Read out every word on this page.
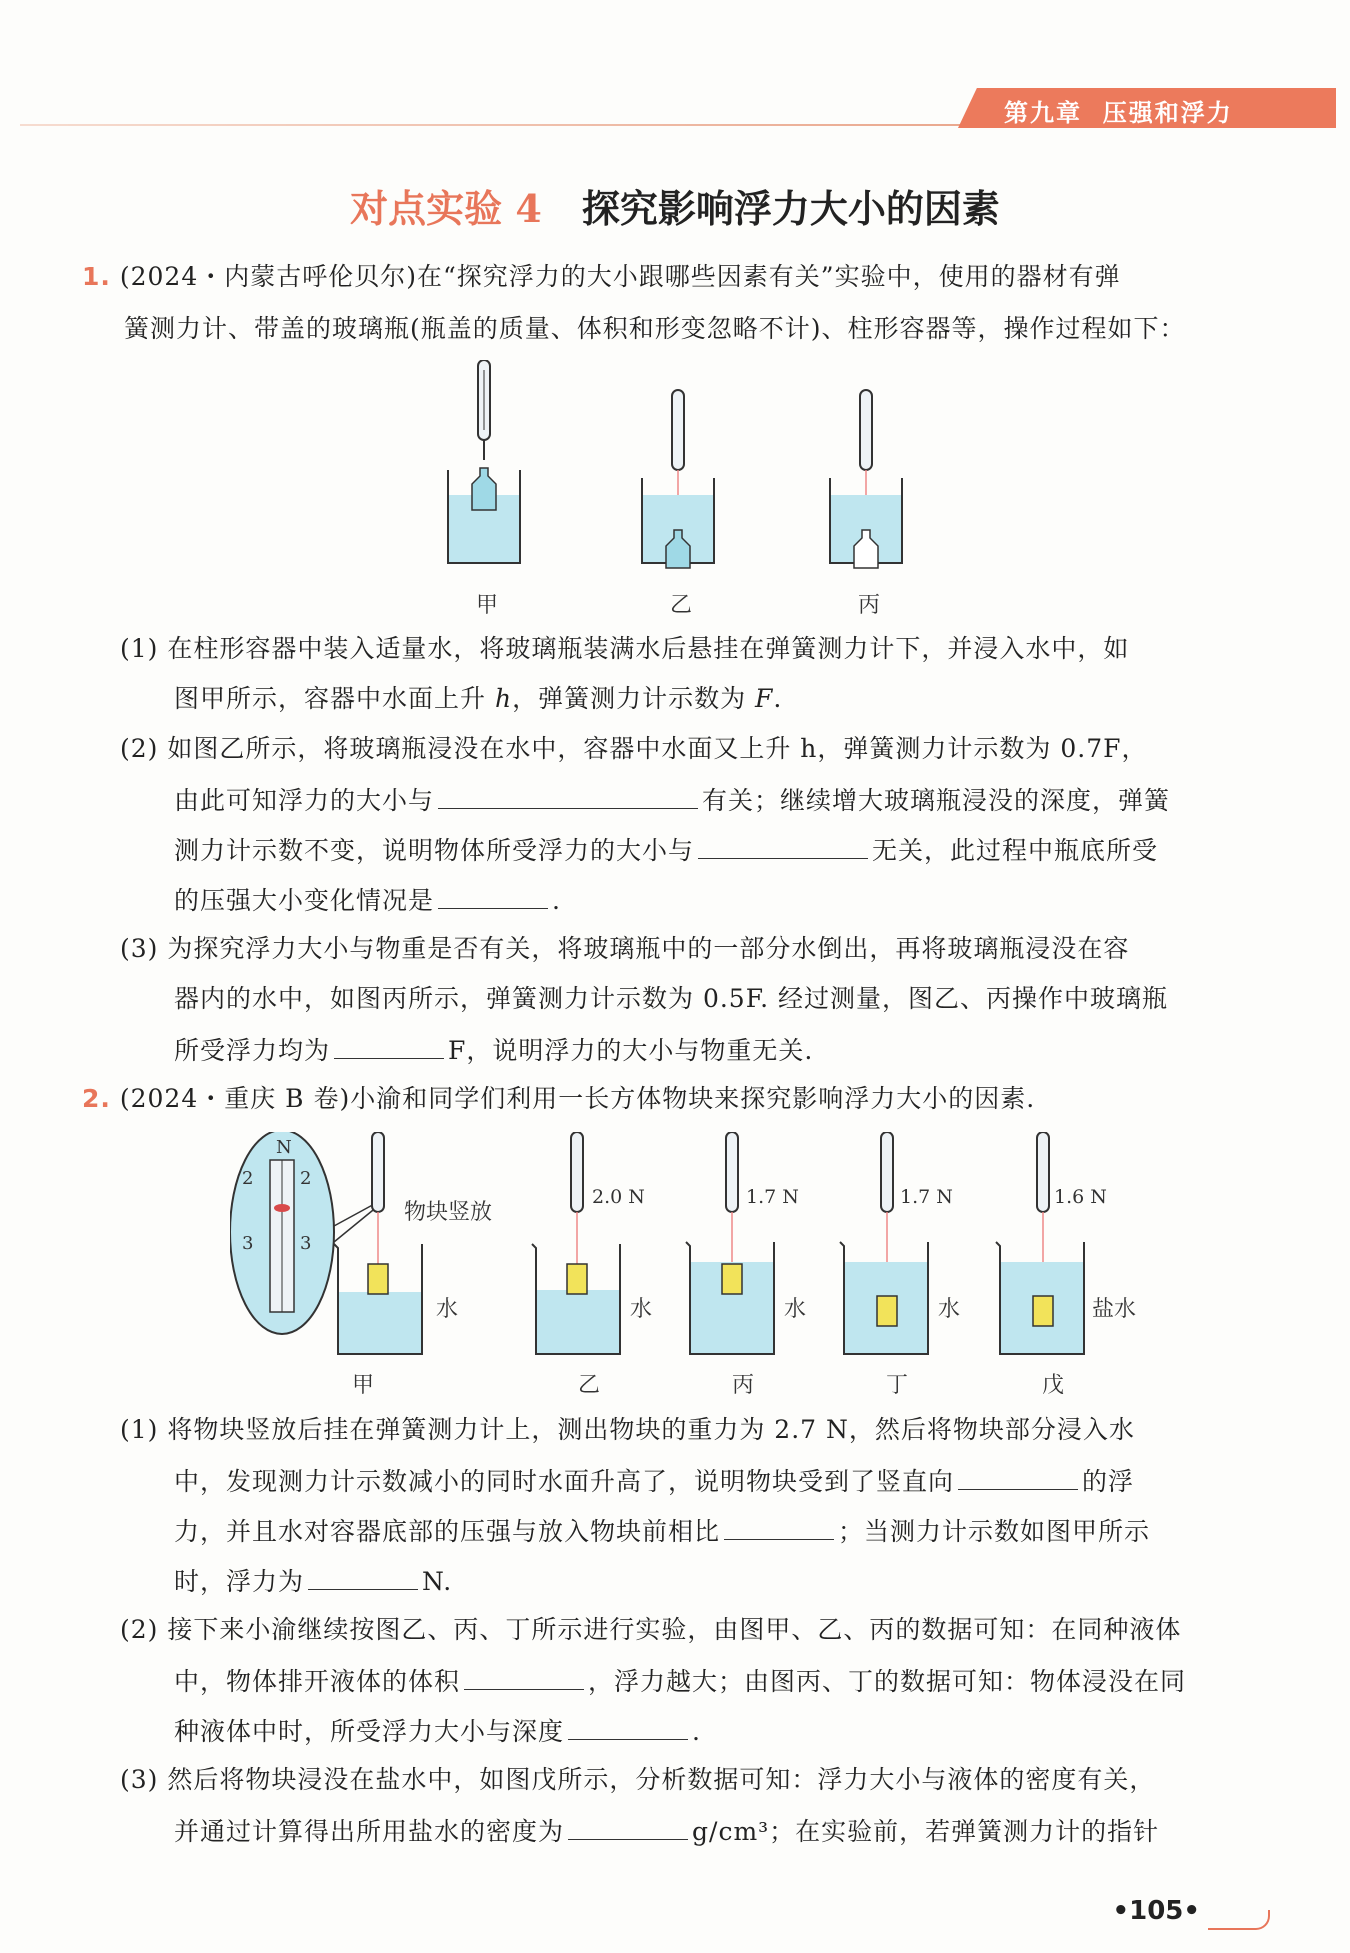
第九章 压强和浮力
对点实验 4 探究影响浮力大小的因素
1. (2024・内蒙古呼伦贝尔)在“探究浮力的大小跟哪些因素有关”实验中，使用的器材有弹
簧测力计、带盖的玻璃瓶(瓶盖的质量、体积和形变忽略不计)、柱形容器等，操作过程如下：
甲	乙	丙
(1) 在柱形容器中装入适量水，将玻璃瓶装满水后悬挂在弹簧测力计下，并浸入水中，如
图甲所示，容器中水面上升 h，弹簧测力计示数为 F.
(2) 如图乙所示，将玻璃瓶浸没在水中，容器中水面又上升 h，弹簧测力计示数为 0.7F，
由此可知浮力的大小与	有关；继续增大玻璃瓶浸没的深度，弹簧
测力计示数不变，说明物体所受浮力的大小与	无关，此过程中瓶底所受
的压强大小变化情况是	.
(3) 为探究浮力大小与物重是否有关，将玻璃瓶中的一部分水倒出，再将玻璃瓶浸没在容
器内的水中，如图丙所示，弹簧测力计示数为 0.5F. 经过测量，图乙、丙操作中玻璃瓶
所受浮力均为	F，说明浮力的大小与物重无关.
2. (2024・重庆 B 卷)小渝和同学们利用一长方体物块来探究影响浮力大小的因素.
N
2	2
3	3
物块竖放
2.0 N	1.7 N	1.7 N	1.6 N
水	水	水	水	盐水
甲	乙	丙	丁	戊
(1) 将物块竖放后挂在弹簧测力计上，测出物块的重力为 2.7 N，然后将物块部分浸入水
中，发现测力计示数减小的同时水面升高了，说明物块受到了竖直向	的浮
力，并且水对容器底部的压强与放入物块前相比	；当测力计示数如图甲所示
时，浮力为	N.
(2) 接下来小渝继续按图乙、丙、丁所示进行实验，由图甲、乙、丙的数据可知：在同种液体
中，物体排开液体的体积	，浮力越大；由图丙、丁的数据可知：物体浸没在同
种液体中时，所受浮力大小与深度	.
(3) 然后将物块浸没在盐水中，如图戊所示，分析数据可知：浮力大小与液体的密度有关，
并通过计算得出所用盐水的密度为	g/cm³；在实验前，若弹簧测力计的指针
•105•
